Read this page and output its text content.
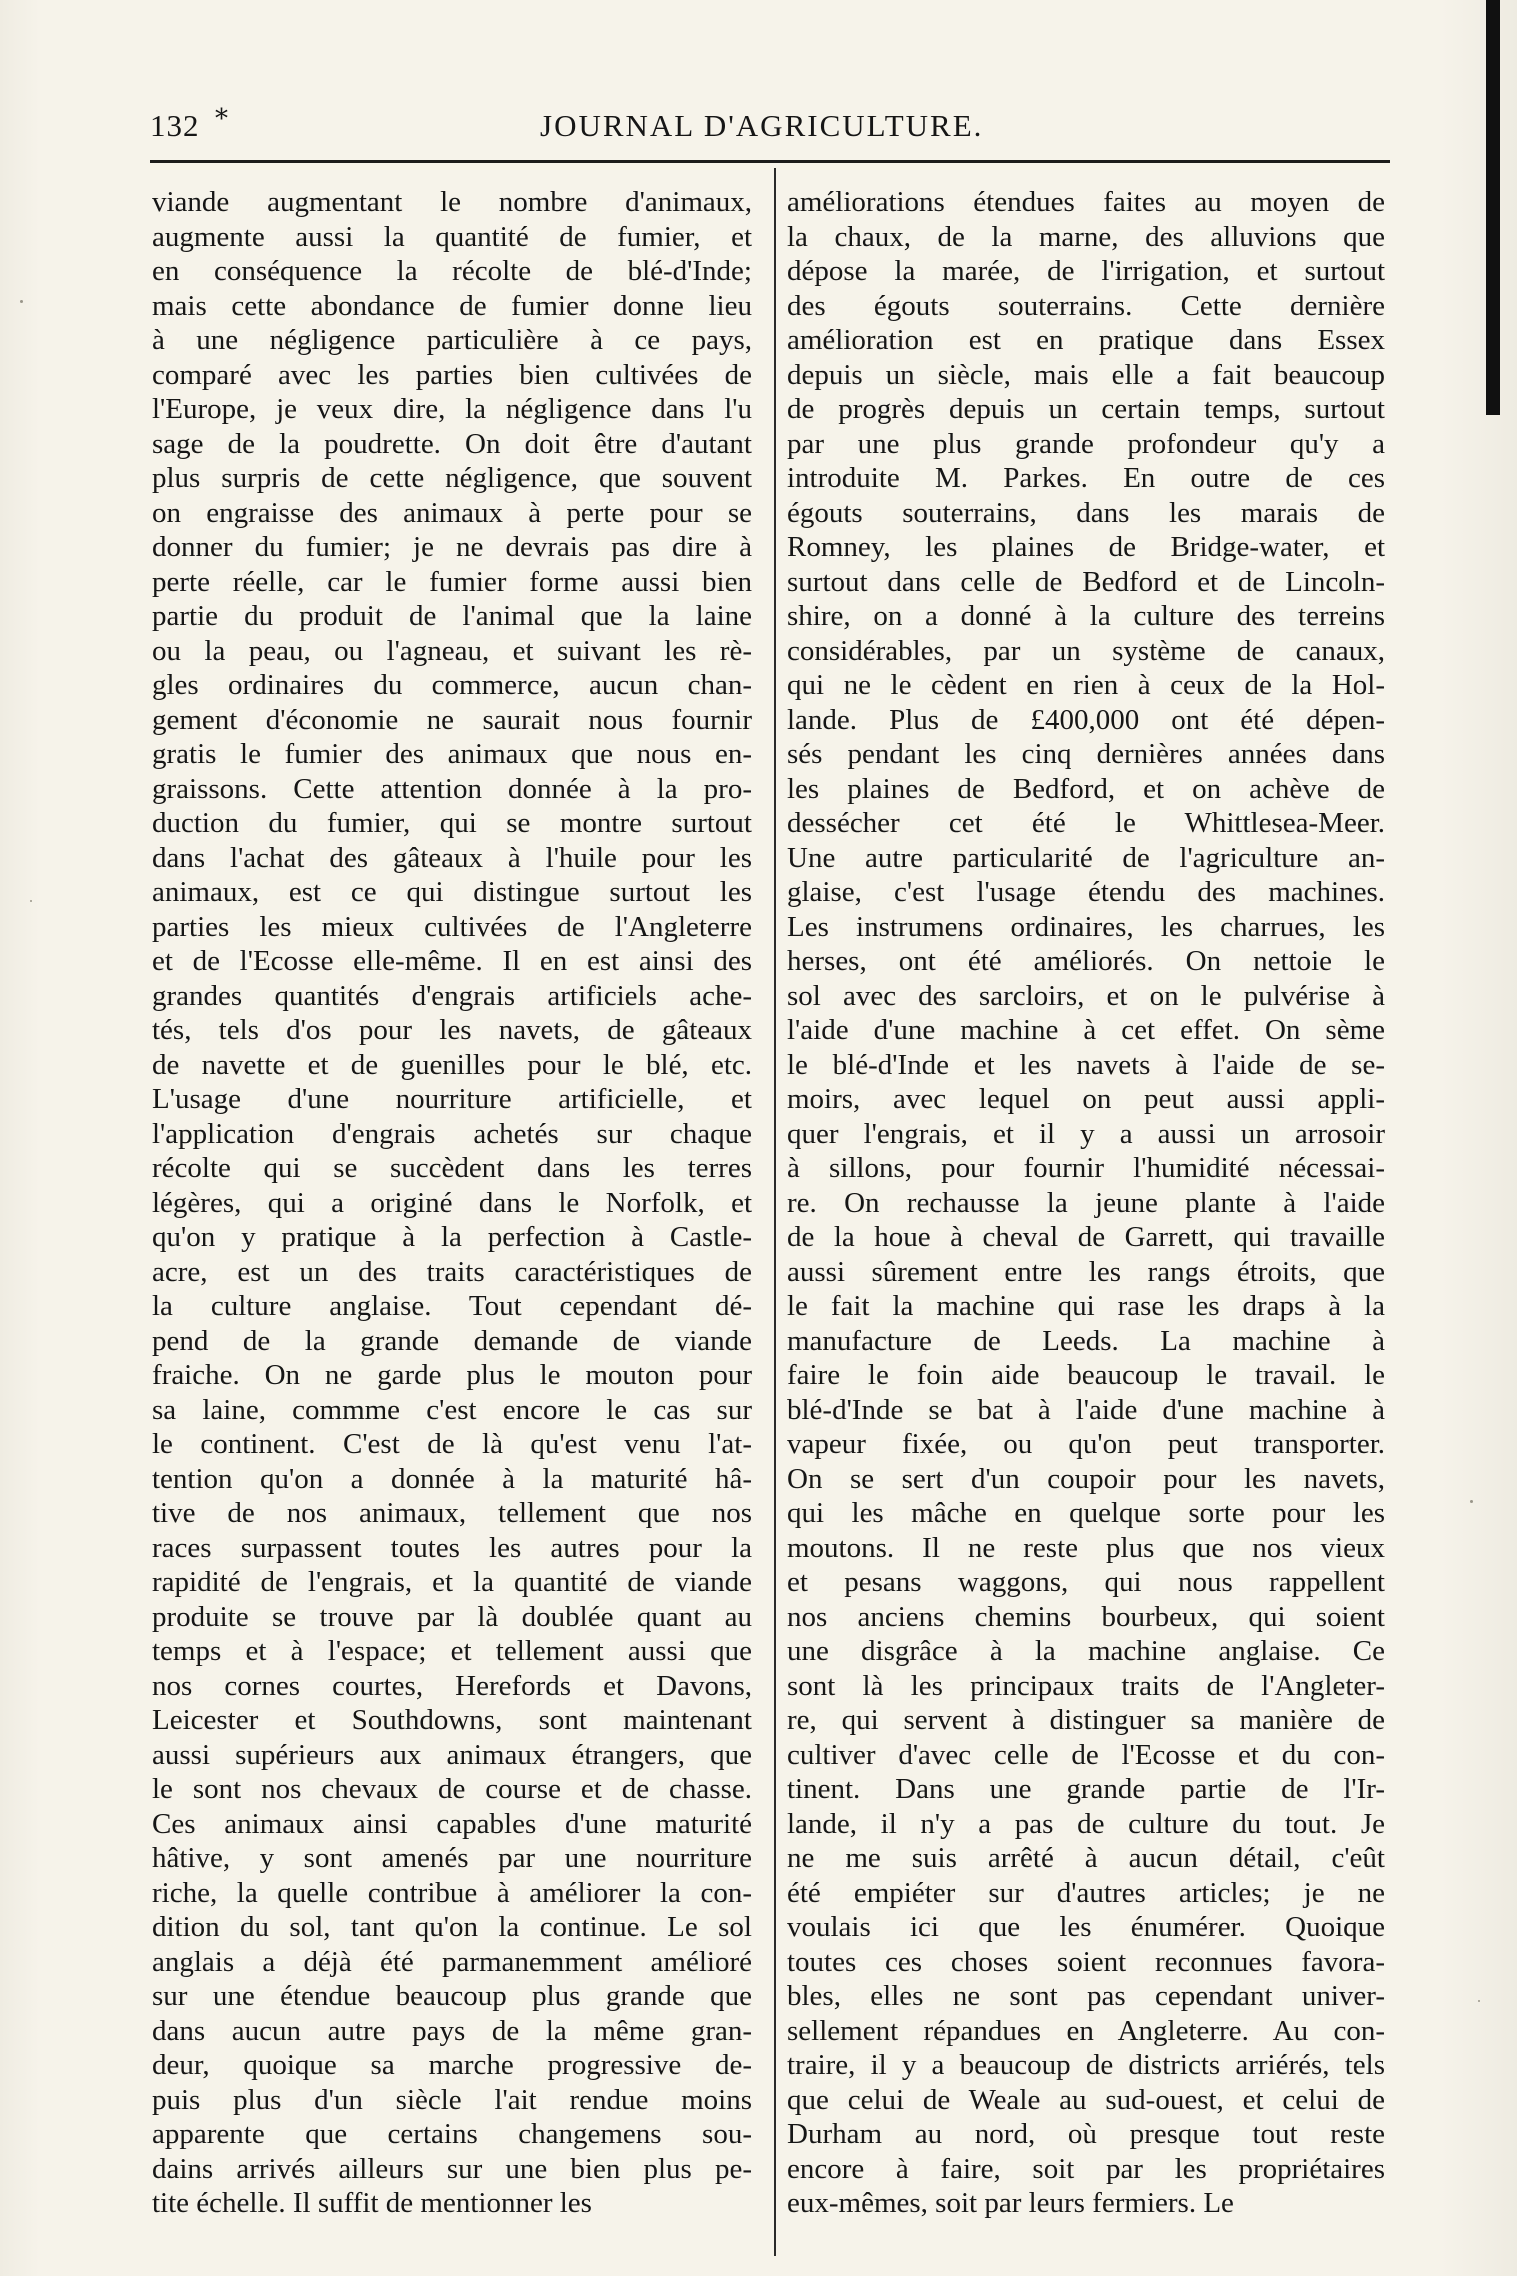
132 *	JOURNAL D'AGRICULTURE.
viande augmentant le nombre d'animaux,
augmente aussi la quantité de fumier, et
en conséquence la récolte de blé-d'Inde;
mais cette abondance de fumier donne lieu
à une négligence particulière à ce pays,
comparé avec les parties bien cultivées de
l'Europe, je veux dire, la négligence dans l'u
sage de la poudrette. On doit être d'autant
plus surpris de cette négligence, que souvent
on engraisse des animaux à perte pour se
donner du fumier; je ne devrais pas dire à
perte réelle, car le fumier forme aussi bien
partie du produit de l'animal que la laine
ou la peau, ou l'agneau, et suivant les rè-
gles ordinaires du commerce, aucun chan-
gement d'économie ne saurait nous fournir
gratis le fumier des animaux que nous en-
graissons. Cette attention donnée à la pro-
duction du fumier, qui se montre surtout
dans l'achat des gâteaux à l'huile pour les
animaux, est ce qui distingue surtout les
parties les mieux cultivées de l'Angleterre
et de l'Ecosse elle-même. Il en est ainsi des
grandes quantités d'engrais artificiels ache-
tés, tels d'os pour les navets, de gâteaux
de navette et de guenilles pour le blé, etc.
L'usage d'une nourriture artificielle, et
l'application d'engrais achetés sur chaque
récolte qui se succèdent dans les terres
légères, qui a originé dans le Norfolk, et
qu'on y pratique à la perfection à Castle-
acre, est un des traits caractéristiques de
la culture anglaise. Tout cependant dé-
pend de la grande demande de viande
fraiche. On ne garde plus le mouton pour
sa laine, commme c'est encore le cas sur
le continent. C'est de là qu'est venu l'at-
tention qu'on a donnée à la maturité hâ-
tive de nos animaux, tellement que nos
races surpassent toutes les autres pour la
rapidité de l'engrais, et la quantité de viande
produite se trouve par là doublée quant au
temps et à l'espace; et tellement aussi que
nos cornes courtes, Herefords et Davons,
Leicester et Southdowns, sont maintenant
aussi supérieurs aux animaux étrangers, que
le sont nos chevaux de course et de chasse.
Ces animaux ainsi capables d'une maturité
hâtive, y sont amenés par une nourriture
riche, la quelle contribue à améliorer la con-
dition du sol, tant qu'on la continue. Le sol
anglais a déjà été parmanemment amélioré
sur une étendue beaucoup plus grande que
dans aucun autre pays de la même gran-
deur, quoique sa marche progressive de-
puis plus d'un siècle l'ait rendue moins
apparente que certains changemens sou-
dains arrivés ailleurs sur une bien plus pe-
tite échelle. Il suffit de mentionner les
améliorations étendues faites au moyen de
la chaux, de la marne, des alluvions que
dépose la marée, de l'irrigation, et surtout
des égouts souterrains. Cette dernière
amélioration est en pratique dans Essex
depuis un siècle, mais elle a fait beaucoup
de progrès depuis un certain temps, surtout
par une plus grande profondeur qu'y a
introduite M. Parkes. En outre de ces
égouts souterrains, dans les marais de
Romney, les plaines de Bridge-water, et
surtout dans celle de Bedford et de Lincoln-
shire, on a donné à la culture des terreins
considérables, par un système de canaux,
qui ne le cèdent en rien à ceux de la Hol-
lande. Plus de £400,000 ont été dépen-
sés pendant les cinq dernières années dans
les plaines de Bedford, et on achève de
dessécher cet été le Whittlesea-Meer.
Une autre particularité de l'agriculture an-
glaise, c'est l'usage étendu des machines.
Les instrumens ordinaires, les charrues, les
herses, ont été améliorés. On nettoie le
sol avec des sarcloirs, et on le pulvérise à
l'aide d'une machine à cet effet. On sème
le blé-d'Inde et les navets à l'aide de se-
moirs, avec lequel on peut aussi appli-
quer l'engrais, et il y a aussi un arrosoir
à sillons, pour fournir l'humidité nécessai-
re. On rechausse la jeune plante à l'aide
de la houe à cheval de Garrett, qui travaille
aussi sûrement entre les rangs étroits, que
le fait la machine qui rase les draps à la
manufacture de Leeds. La machine à
faire le foin aide beaucoup le travail. le
blé-d'Inde se bat à l'aide d'une machine à
vapeur fixée, ou qu'on peut transporter.
On se sert d'un coupoir pour les navets,
qui les mâche en quelque sorte pour les
moutons. Il ne reste plus que nos vieux
et pesans waggons, qui nous rappellent
nos anciens chemins bourbeux, qui soient
une disgrâce à la machine anglaise. Ce
sont là les principaux traits de l'Angleter-
re, qui servent à distinguer sa manière de
cultiver d'avec celle de l'Ecosse et du con-
tinent. Dans une grande partie de l'Ir-
lande, il n'y a pas de culture du tout. Je
ne me suis arrêté à aucun détail, c'eût
été empiéter sur d'autres articles; je ne
voulais ici que les énumérer. Quoique
toutes ces choses soient reconnues favora-
bles, elles ne sont pas cependant univer-
sellement répandues en Angleterre. Au con-
traire, il y a beaucoup de districts arriérés, tels
que celui de Weale au sud-ouest, et celui de
Durham au nord, où presque tout reste
encore à faire, soit par les propriétaires
eux-mêmes, soit par leurs fermiers. Le
